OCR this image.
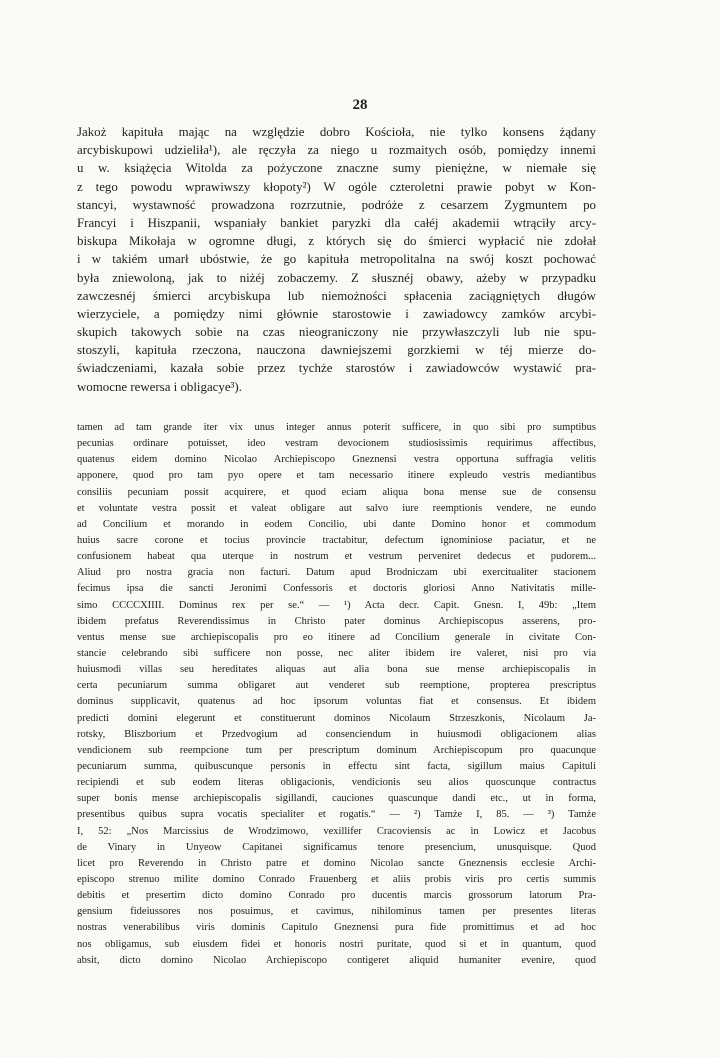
28
Jakoż kapituła mając na względzie dobro Kościoła, nie tylko konsens żądany
arcybiskupowi udzieliła¹), ale ręczyła za niego u rozmaitych osób, pomiędzy innemi
u w. książęcia Witolda za pożyczone znaczne sumy pieniężne, w niemałe się
z tego powodu wprawiwszy kłopoty²) W ogóle czteroletni prawie pobyt w Kon-
stancyi, wystawność prowadzona rozrzutnie, podróże z cesarzem Zygmuntem po
Francyi i Hiszpanii, wspaniały bankiet paryzki dla całéj akademii wtrąciły arcy-
biskupa Mikołaja w ogromne długi, z których się do śmierci wypłacić nie zdołał
i w takiém umarł ubóstwie, że go kapituła metropolitalna na swój koszt pochować
była zniewoloną, jak to niżéj zobaczemy. Z słusznéj obawy, ażeby w przypadku
zawczesnéj śmierci arcybiskupa lub niemożności spłacenia zaciągniętych długów
wierzyciele, a pomiędzy nimi głównie starostowie i zawiadowcy zamków arcybi-
skupich takowych sobie na czas nieograniczony nie przywłaszczyli lub nie spu-
stoszyli, kapituła rzeczona, nauczona dawniejszemi gorzkiemi w téj mierze do-
świadczeniami, kazała sobie przez tychże starostów i zawiadowców wystawić pra-
womocne rewersa i obligacye³).
tamen ad tam grande iter vix unus integer annus poterit sufficere, in quo sibi pro sumptibus
pecunias ordinare potuisset, ideo vestram devocionem studiosissimis requirimus affectibus,
quatenus eidem domino Nicolao Archiepiscopo Gneznensi vestra opportuna suffragia velitis
apponere, quod pro tam pyo opere et tam necessario itinere expleudo vestris mediantibus
consiliis pecuniam possit acquirere, et quod eciam aliqua bona mense sue de consensu
et voluntate vestra possit et valeat obligare aut salvo iure reemptionis vendere, ne eundo
ad Concilium et morando in eodem Concilio, ubi dante Domino honor et commodum
huius sacre corone et tocius provincie tractabitur, defectum ignominiose paciatur, et ne
confusionem habeat qua uterque in nostrum et vestrum perveniret dedecus et pudorem...
Aliud pro nostra gracia non facturi. Datum apud Brodniczam ubi exercitualiter stacionem
fecimus ipsa die sancti Jeronimi Confessoris et doctoris gloriosi Anno Nativitatis mille-
simo CCCCXIIII. Dominus rex per se.“ — ¹) Acta decr. Capit. Gnesn. I, 49b: „Item
ibidem prefatus Reverendissimus in Christo pater dominus Archiepiscopus asserens, pro-
ventus mense sue archiepiscopalis pro eo itinere ad Concilium generale in civitate Con-
stancie celebrando sibi sufficere non posse, nec aliter ibidem ire valeret, nisi pro via
huiusmodi villas seu hereditates aliquas aut alia bona sue mense archiepiscopalis in
certa pecuniarum summa obligaret aut venderet sub reemptione, propterea prescriptus
dominus supplicavit, quatenus ad hoc ipsorum voluntas fiat et consensus. Et ibidem
predicti domini elegerunt et constituerunt dominos Nicolaum Strzeszkonis, Nicolaum Ja-
rotsky, Bliszborium et Przedvogium ad consenciendum in huiusmodi obligacionem alias
vendicionem sub reempcione tum per prescriptum dominum Archiepiscopum pro quacunque
pecuniarum summa, quibuscunque personis in effectu sint facta, sigillum maius Capituli
recipiendi et sub eodem literas obligacionis, vendicionis seu alios quoscunque contractus
super bonis mense archiepiscopalis sigillandi, cauciones quascunque dandi etc., ut in forma,
presentibus quibus supra vocatis specialiter et rogatis.“ — ²) Tamże I, 85. — ³) Tamże
I, 52: „Nos Marcissius de Wrodzimowo, vexillifer Cracoviensis ac in Lowicz et Jacobus
de Vinary in Unyeow Capitanei significamus tenore presencium, unusquisque. Quod
licet pro Reverendo in Christo patre et domino Nicolao sancte Gneznensis ecclesie Archi-
episcopo strenuo milite domino Conrado Frauenberg et aliis probis viris pro certis summis
debitis et presertim dicto domino Conrado pro ducentis marcis grossorum latorum Pra-
gensium fideiussores nos posuimus, et cavimus, nihilominus tamen per presentes literas
nostras venerabilibus viris dominis Capitulo Gneznensi pura fide promittimus et ad hoc
nos obligamus, sub eiusdem fidei et honoris nostri puritate, quod si et in quantum, quod
absit, dicto domino Nicolao Archiepiscopo contigeret aliquid humaniter evenire, quod
